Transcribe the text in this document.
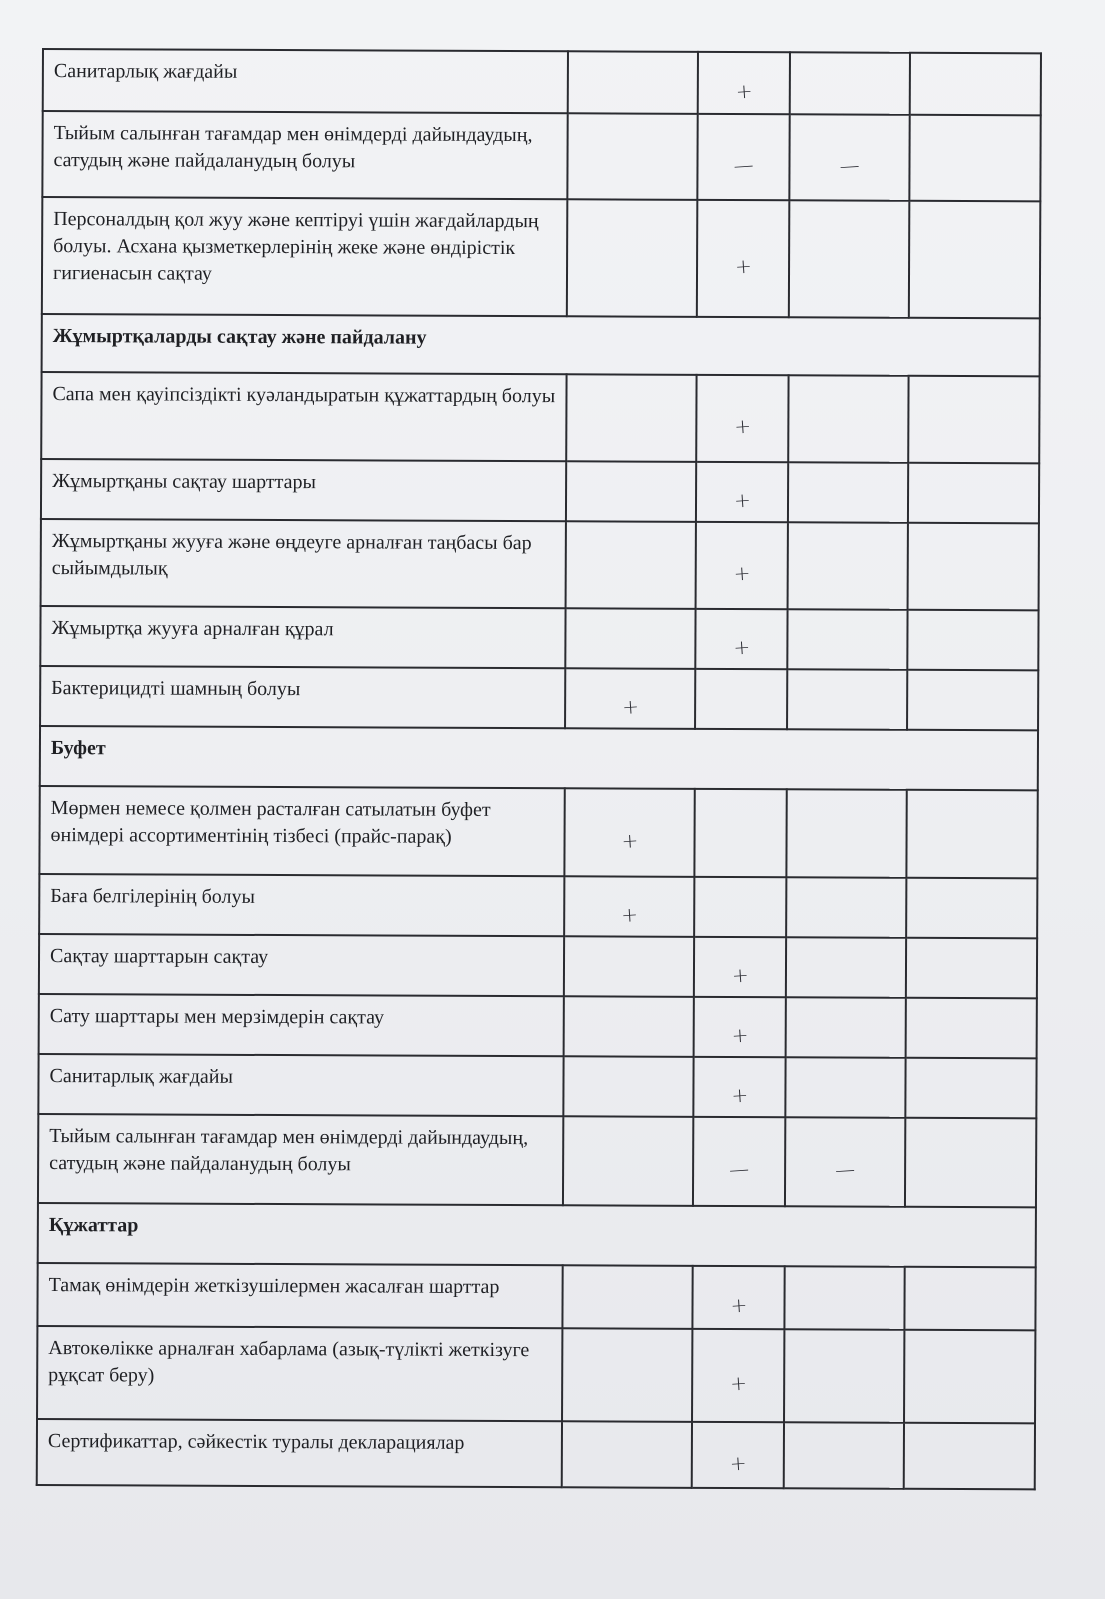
Санитарлық жағдайы		+		
Тыйым салынған тағамдар мен өнімдерді дайындаудың, сатудың және пайдаланудың болуы		—	—	
Персоналдың қол жуу және кептіруі үшін жағдайлардың болуы. Асхана қызметкерлерінің жеке және өндірістік гигиенасын сақтау		+		
Жұмыртқаларды сақтау және пайдалану				
Сапа мен қауіпсіздікті куәландыратын құжаттардың болуы		+		
Жұмыртқаны сақтау шарттары		+		
Жұмыртқаны жууға және өңдеуге арналған таңбасы бар сыйымдылық		+		
Жұмыртқа жууға арналған құрал		+		
Бактерицидті шамның болуы	+			
Буфет				
Мөрмен немесе қолмен расталған сатылатын буфет өнімдері ассортиментінің тізбесі (прайс-парақ)	+			
Баға белгілерінің болуы	+			
Сақтау шарттарын сақтау		+		
Сату шарттары мен мерзімдерін сақтау		+		
Санитарлық жағдайы		+		
Тыйым салынған тағамдар мен өнімдерді дайындаудың, сатудың және пайдаланудың болуы		—	—	
Құжаттар				
Тамақ өнімдерін жеткізушілермен жасалған шарттар		+		
Автокөлікке арналған хабарлама (азық-түлікті жеткізуге рұқсат беру)		+		
Сертификаттар, сәйкестік туралы декларациялар		+		
